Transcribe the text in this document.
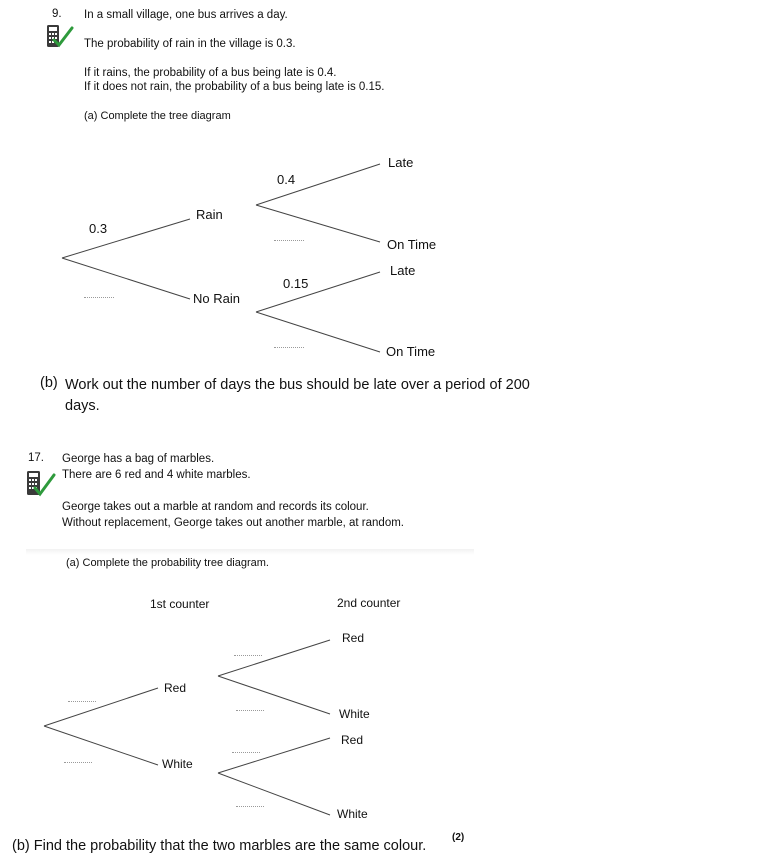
9. In a small village, one bus arrives a day.
The probability of rain in the village is 0.3.
If it rains, the probability of a bus being late is 0.4.
If it does not rain, the probability of a bus being late is 0.15.
(a) Complete the tree diagram
0.3
Rain
No Rain
0.4
0.15
Late
On Time
Late
On Time
(b) Work out the number of days the bus should be late over a period of 200 days.
17. George has a bag of marbles.
There are 6 red and 4 white marbles.
George takes out a marble at random and records its colour.
Without replacement, George takes out another marble, at random.
(a) Complete the probability tree diagram.
1st counter	2nd counter
Red
White
Red
White
Red
White
(b) Find the probability that the two marbles are the same colour.
(2)
